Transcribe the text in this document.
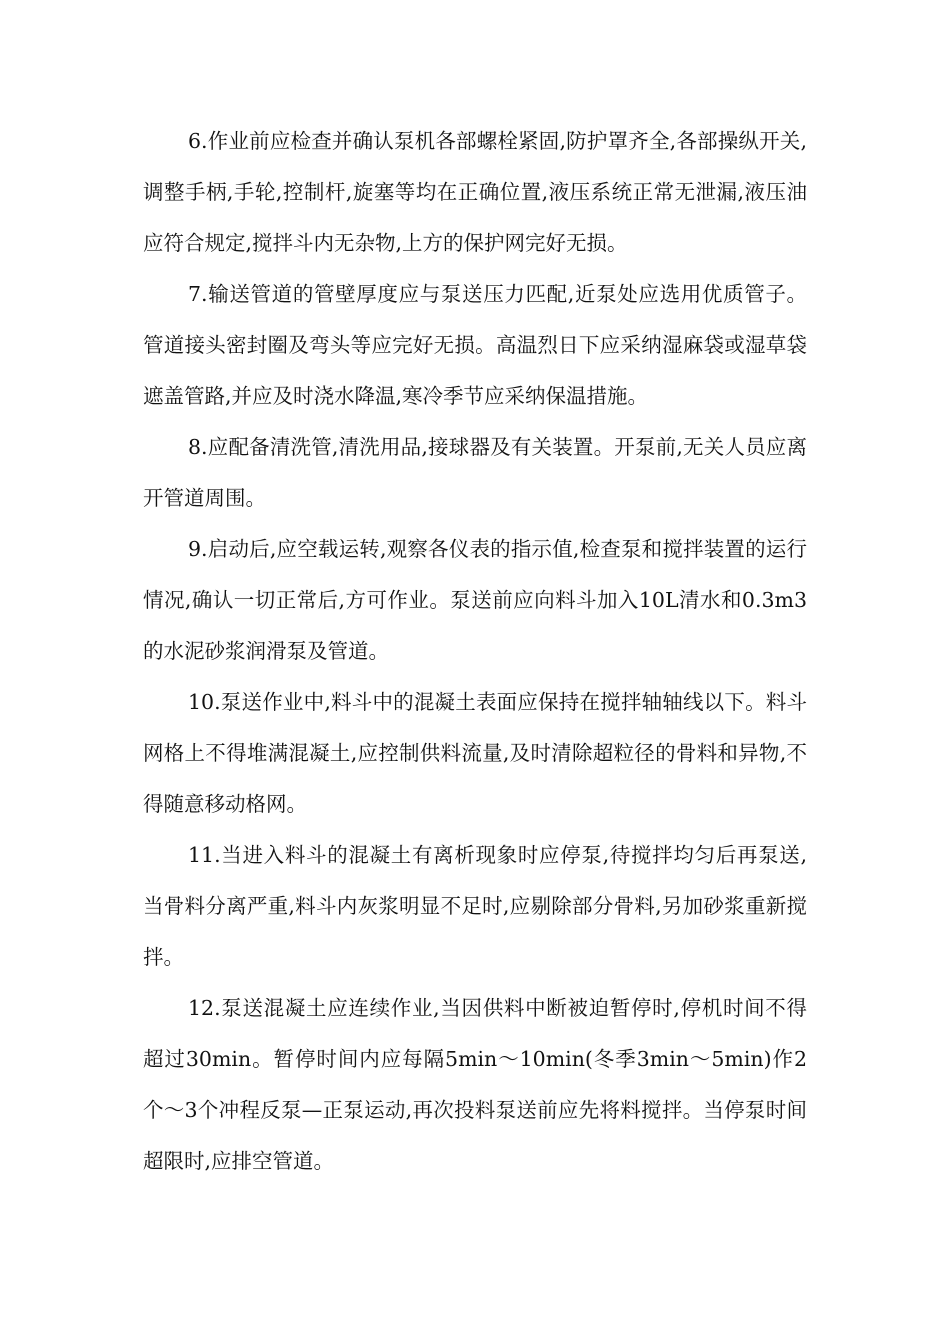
6.作业前应检查并确认泵机各部螺栓紧固,防护罩齐全,各部操纵开关,调整手柄,手轮,控制杆,旋塞等均在正确位置,液压系统正常无泄漏,液压油应符合规定,搅拌斗内无杂物,上方的保护网完好无损。

7.输送管道的管壁厚度应与泵送压力匹配,近泵处应选用优质管子。管道接头密封圈及弯头等应完好无损。高温烈日下应采纳湿麻袋或湿草袋遮盖管路,并应及时浇水降温,寒冷季节应采纳保温措施。

8.应配备清洗管,清洗用品,接球器及有关装置。开泵前,无关人员应离开管道周围。

9.启动后,应空载运转,观察各仪表的指示值,检查泵和搅拌装置的运行情况,确认一切正常后,方可作业。泵送前应向料斗加入10L清水和0.3m3的水泥砂浆润滑泵及管道。

10.泵送作业中,料斗中的混凝土表面应保持在搅拌轴轴线以下。料斗网格上不得堆满混凝土,应控制供料流量,及时清除超粒径的骨料和异物,不得随意移动格网。

11.当进入料斗的混凝土有离析现象时应停泵,待搅拌均匀后再泵送,当骨料分离严重,料斗内灰浆明显不足时,应剔除部分骨料,另加砂浆重新搅拌。

12.泵送混凝土应连续作业,当因供料中断被迫暂停时,停机时间不得超过30min。暂停时间内应每隔5min～10min(冬季3min～5min)作2个～3个冲程反泵—正泵运动,再次投料泵送前应先将料搅拌。当停泵时间超限时,应排空管道。
